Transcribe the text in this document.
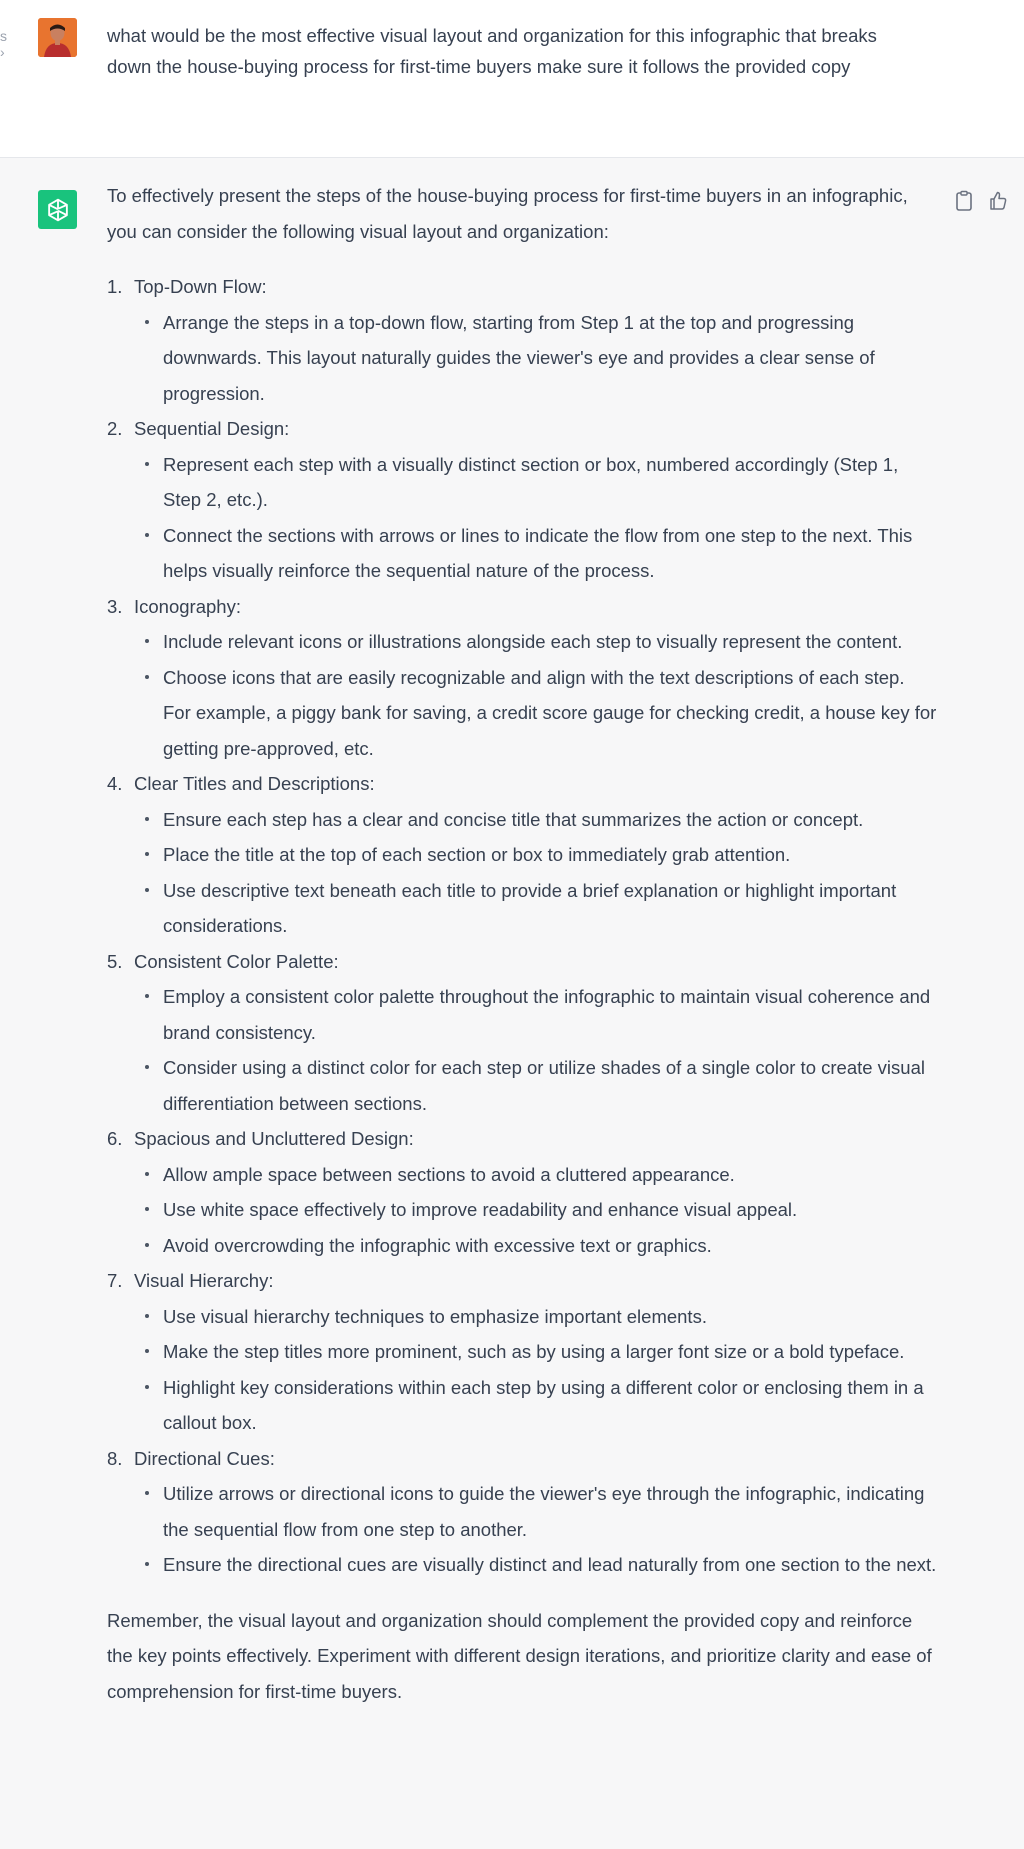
s ›
what would be the most effective visual layout and organization for this infographic that breaks down the house-buying process for first-time buyers make sure it follows the provided copy

To effectively present the steps of the house-buying process for first-time buyers in an infographic, you can consider the following visual layout and organization:

1. Top-Down Flow:
Arrange the steps in a top-down flow, starting from Step 1 at the top and progressing downwards. This layout naturally guides the viewer's eye and provides a clear sense of progression.
2. Sequential Design:
Represent each step with a visually distinct section or box, numbered accordingly (Step 1, Step 2, etc.).
Connect the sections with arrows or lines to indicate the flow from one step to the next. This helps visually reinforce the sequential nature of the process.
3. Iconography:
Include relevant icons or illustrations alongside each step to visually represent the content.
Choose icons that are easily recognizable and align with the text descriptions of each step. For example, a piggy bank for saving, a credit score gauge for checking credit, a house key for getting pre-approved, etc.
4. Clear Titles and Descriptions:
Ensure each step has a clear and concise title that summarizes the action or concept.
Place the title at the top of each section or box to immediately grab attention.
Use descriptive text beneath each title to provide a brief explanation or highlight important considerations.
5. Consistent Color Palette:
Employ a consistent color palette throughout the infographic to maintain visual coherence and brand consistency.
Consider using a distinct color for each step or utilize shades of a single color to create visual differentiation between sections.
6. Spacious and Uncluttered Design:
Allow ample space between sections to avoid a cluttered appearance.
Use white space effectively to improve readability and enhance visual appeal.
Avoid overcrowding the infographic with excessive text or graphics.
7. Visual Hierarchy:
Use visual hierarchy techniques to emphasize important elements.
Make the step titles more prominent, such as by using a larger font size or a bold typeface.
Highlight key considerations within each step by using a different color or enclosing them in a callout box.
8. Directional Cues:
Utilize arrows or directional icons to guide the viewer's eye through the infographic, indicating the sequential flow from one step to another.
Ensure the directional cues are visually distinct and lead naturally from one section to the next.

Remember, the visual layout and organization should complement the provided copy and reinforce the key points effectively. Experiment with different design iterations, and prioritize clarity and ease of comprehension for first-time buyers.
